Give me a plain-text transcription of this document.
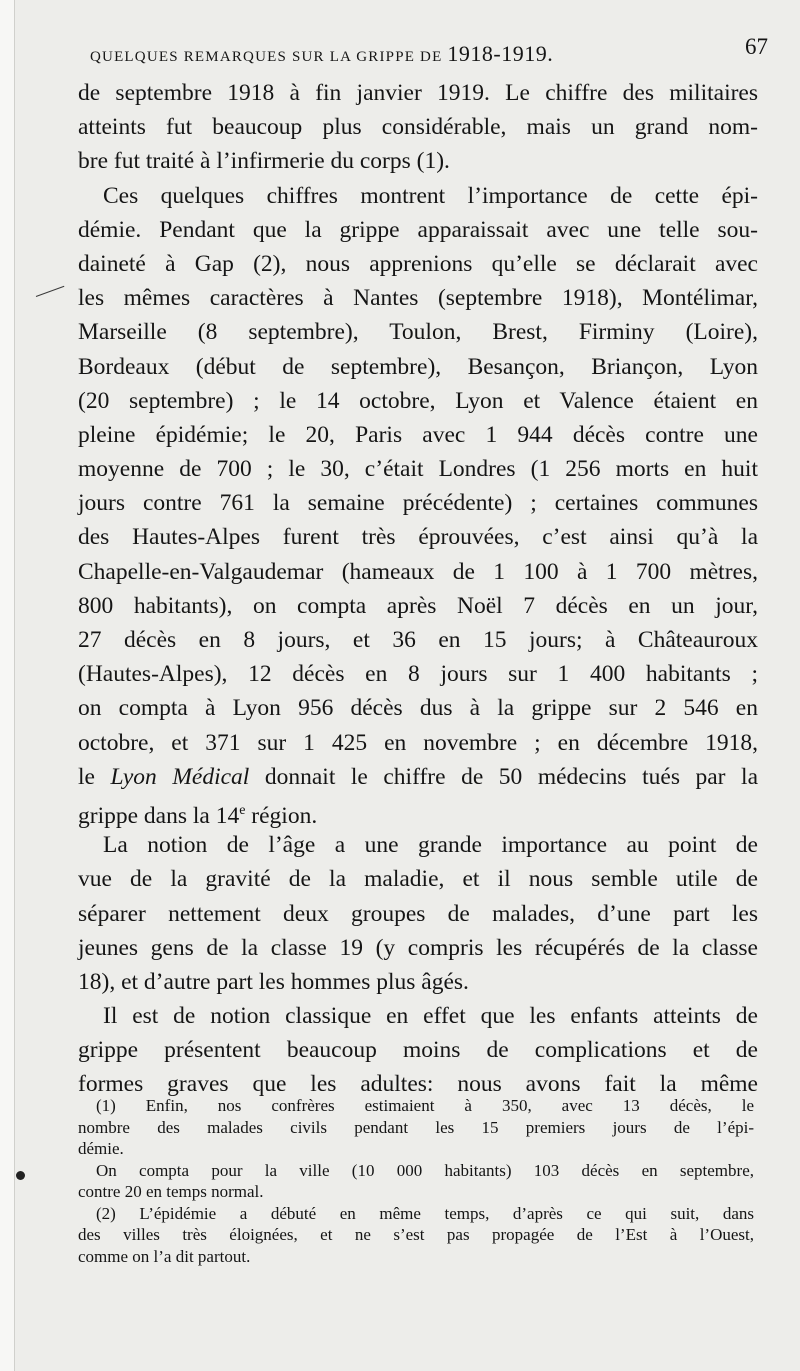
QUELQUES REMARQUES SUR LA GRIPPE DE 1918-1919.	67
de septembre 1918 à fin janvier 1919. Le chiffre des militaires
atteints fut beaucoup plus considérable, mais un grand nom-
bre fut traité à l’infirmerie du corps (1).
Ces quelques chiffres montrent l’importance de cette épi-
démie. Pendant que la grippe apparaissait avec une telle sou-
daineté à Gap (2), nous apprenions qu’elle se déclarait avec
les mêmes caractères à Nantes (septembre 1918), Montélimar,
Marseille (8 septembre), Toulon, Brest, Firminy (Loire),
Bordeaux (début de septembre), Besançon, Briançon, Lyon
(20 septembre) ; le 14 octobre, Lyon et Valence étaient en
pleine épidémie; le 20, Paris avec 1 944 décès contre une
moyenne de 700 ; le 30, c’était Londres (1 256 morts en huit
jours contre 761 la semaine précédente) ; certaines communes
des Hautes-Alpes furent très éprouvées, c’est ainsi qu’à la
Chapelle-en-Valgaudemar (hameaux de 1 100 à 1 700 mètres,
800 habitants), on compta après Noël 7 décès en un jour,
27 décès en 8 jours, et 36 en 15 jours; à Châteauroux
(Hautes-Alpes), 12 décès en 8 jours sur 1 400 habitants ;
on compta à Lyon 956 décès dus à la grippe sur 2 546 en
octobre, et 371 sur 1 425 en novembre ; en décembre 1918,
le Lyon Médical donnait le chiffre de 50 médecins tués par la
grippe dans la 14e région.
La notion de l’âge a une grande importance au point de
vue de la gravité de la maladie, et il nous semble utile de
séparer nettement deux groupes de malades, d’une part les
jeunes gens de la classe 19 (y compris les récupérés de la classe
18), et d’autre part les hommes plus âgés.
Il est de notion classique en effet que les enfants atteints de
grippe présentent beaucoup moins de complications et de
formes graves que les adultes: nous avons fait la même
(1) Enfin, nos confrères estimaient à 350, avec 13 décès, le
nombre des malades civils pendant les 15 premiers jours de l’épi-
démie.
On compta pour la ville (10 000 habitants) 103 décès en septembre,
contre 20 en temps normal.
(2) L’épidémie a débuté en même temps, d’après ce qui suit, dans
des villes très éloignées, et ne s’est pas propagée de l’Est à l’Ouest,
comme on l’a dit partout.
